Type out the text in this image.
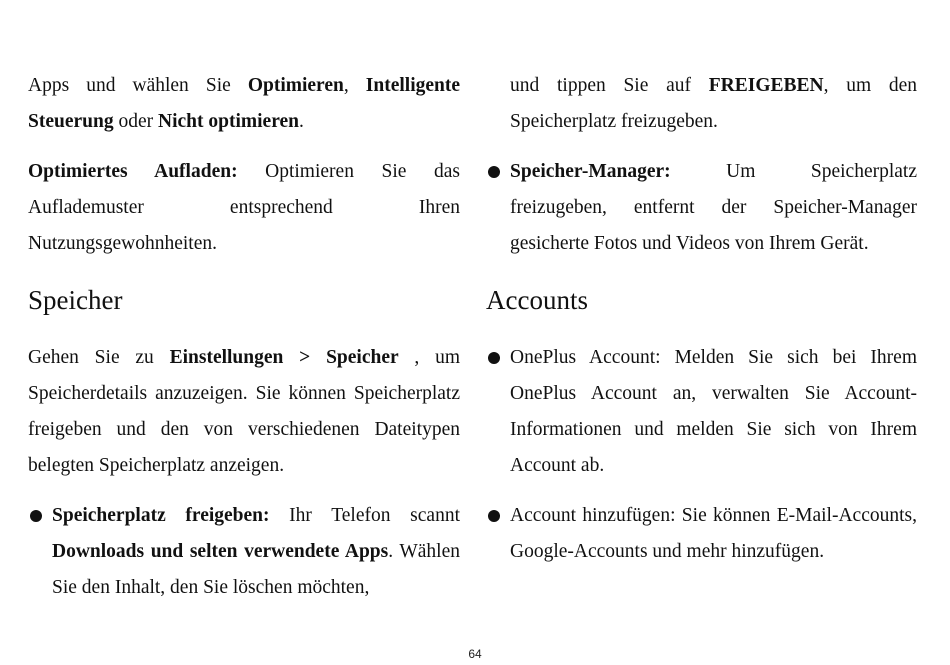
Apps und wählen Sie Optimieren, Intelligente Steuerung oder Nicht optimieren.

Optimiertes Aufladen: Optimieren Sie das Auflademuster entsprechend Ihren Nutzungsgewohnheiten.

Speicher

Gehen Sie zu Einstellungen > Speicher , um Speicherdetails anzuzeigen. Sie können Speicherplatz freigeben und den von verschiedenen Dateitypen belegten Speicherplatz anzeigen.

Speicherplatz freigeben: Ihr Telefon scannt Downloads und selten verwendete Apps. Wählen Sie den Inhalt, den Sie löschen möchten,

und tippen Sie auf FREIGEBEN, um den Speicherplatz freizugeben.

Speicher-Manager: Um Speicherplatz freizugeben, entfernt der Speicher-Manager gesicherte Fotos und Videos von Ihrem Gerät.

Accounts

OnePlus Account: Melden Sie sich bei Ihrem OnePlus Account an, verwalten Sie Account-Informationen und melden Sie sich von Ihrem Account ab.

Account hinzufügen: Sie können E-Mail-Accounts, Google-Accounts und mehr hinzufügen.

64
